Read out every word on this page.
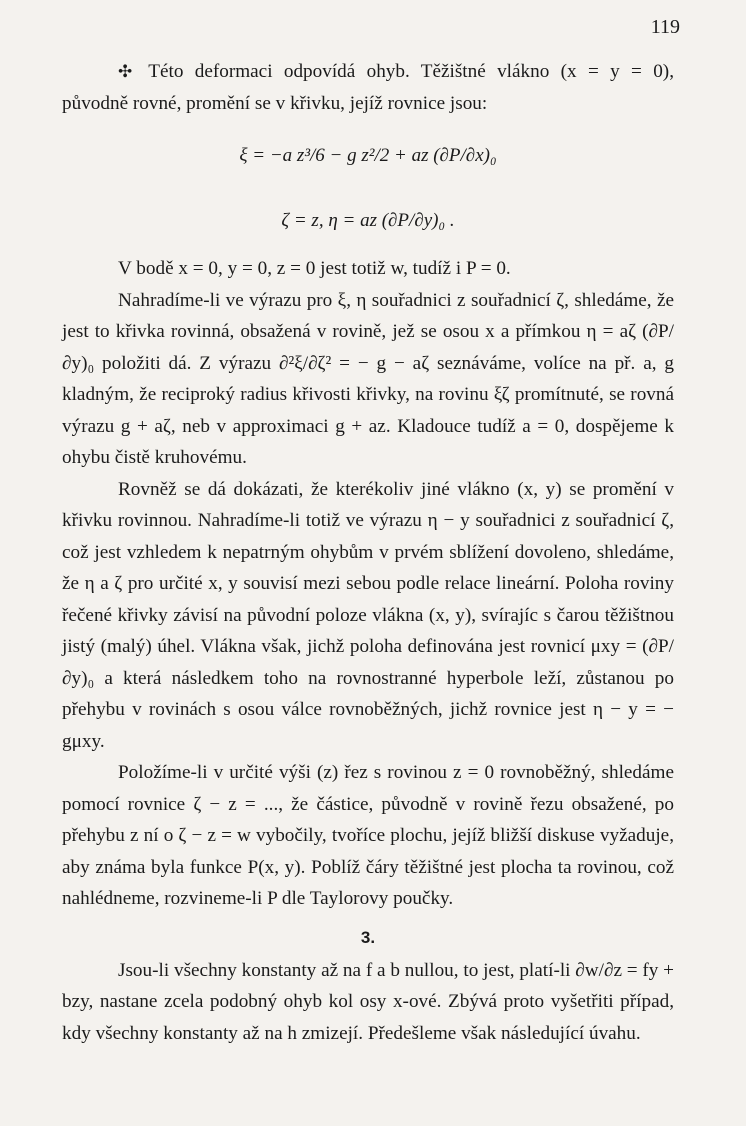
119

✣ Této deformaci odpovídá ohyb. Těžištné vlákno (x = y = 0), původně rovné, promění se v křivku, jejíž rovnice jsou:

ξ = −a z³/6 − g z²/2 + az (∂P/∂x)₀
ζ = z, η = az (∂P/∂y)₀ .

V bodě x = 0, y = 0, z = 0 jest totiž w, tudíž i P = 0.

Nahradíme-li ve výrazu pro ξ, η souřadnici z souřadnicí ζ, shledáme, že jest to křivka rovinná, obsažená v rovině, jež se osou x a přímkou η = aζ (∂P/∂y)₀ položiti dá. Z výrazu ∂²ξ/∂ζ² = − g − aζ seznáváme, volíce na př. a, g kladným, že reciproký radius křivosti křivky, na rovinu ξζ promítnuté, se rovná výrazu g + aζ, neb v approximaci g + az. Kladouce tudíž a = 0, dospějeme k ohybu čistě kruhovému.

Rovněž se dá dokázati, že kterékoliv jiné vlákno (x, y) se promění v křivku rovinnou. Nahradíme-li totiž ve výrazu η − y souřadnici z souřadnicí ζ, což jest vzhledem k nepatrným ohybům v prvém sblížení dovoleno, shledáme, že η a ζ pro určité x, y souvisí mezi sebou podle relace lineární. Poloha roviny řečené křivky závisí na původní poloze vlákna (x, y), svírajíc s čarou těžištnou jistý (malý) úhel. Vlákna však, jichž poloha definována jest rovnicí μxy = (∂P/∂y)₀ a která následkem toho na rovnostranné hyperbole leží, zůstanou po přehybu v rovinách s osou válce rovnoběžných, jichž rovnice jest η − y = − gμxy.

Položíme-li v určité výši (z) řez s rovinou z = 0 rovnoběžný, shledáme pomocí rovnice ζ − z = ..., že částice, původně v rovině řezu obsažené, po přehybu z ní o ζ − z = w vybočily, tvoříce plochu, jejíž bližší diskuse vyžaduje, aby známa byla funkce P(x, y). Poblíž čáry těžištné jest plocha ta rovinou, což nahlédneme, rozvineme-li P dle Taylorovy poučky.

3.

Jsou-li všechny konstanty až na f a b nullou, to jest, platí-li ∂w/∂z = fy + bzy, nastane zcela podobný ohyb kol osy x-ové. Zbývá proto vyšetřiti případ, kdy všechny konstanty až na h zmizejí. Předešleme však následující úvahu.
